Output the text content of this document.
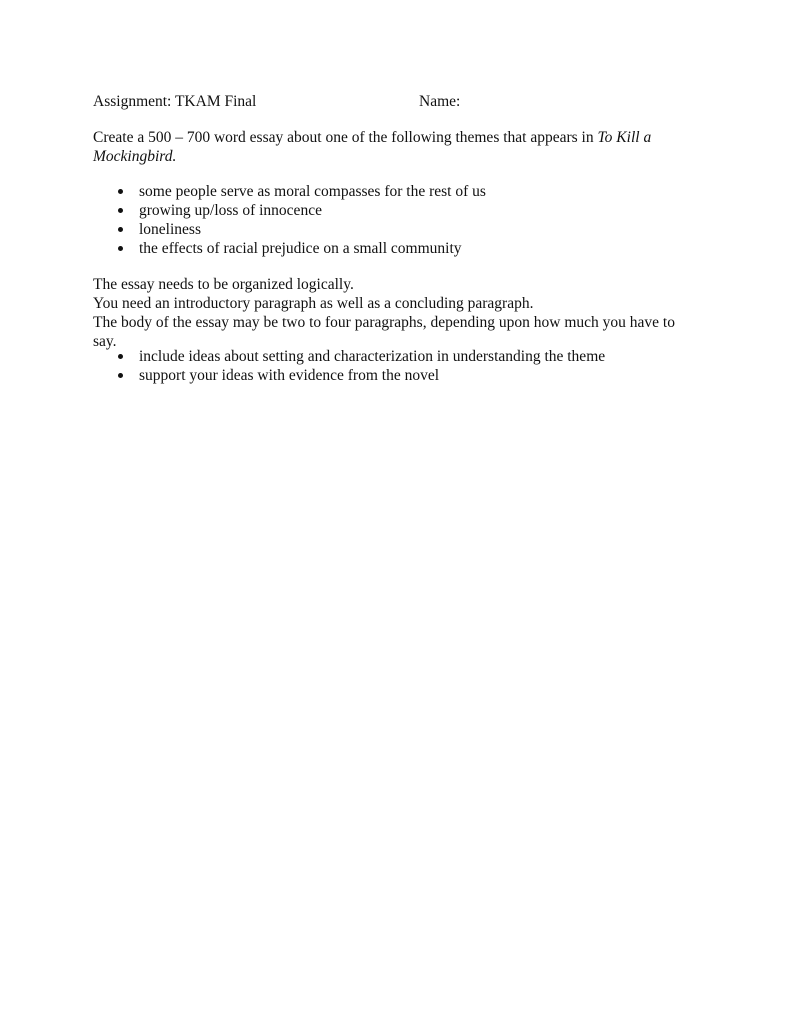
Assignment: TKAM Final	Name:

Create a 500 – 700 word essay about one of the following themes that appears in To Kill a Mockingbird.

some people serve as moral compasses for the rest of us
growing up/loss of innocence
loneliness
the effects of racial prejudice on a small community

The essay needs to be organized logically.

You need an introductory paragraph as well as a concluding paragraph.

The body of the essay may be two to four paragraphs, depending upon how much you have to say.

include ideas about setting and characterization in understanding the theme
support your ideas with evidence from the novel
